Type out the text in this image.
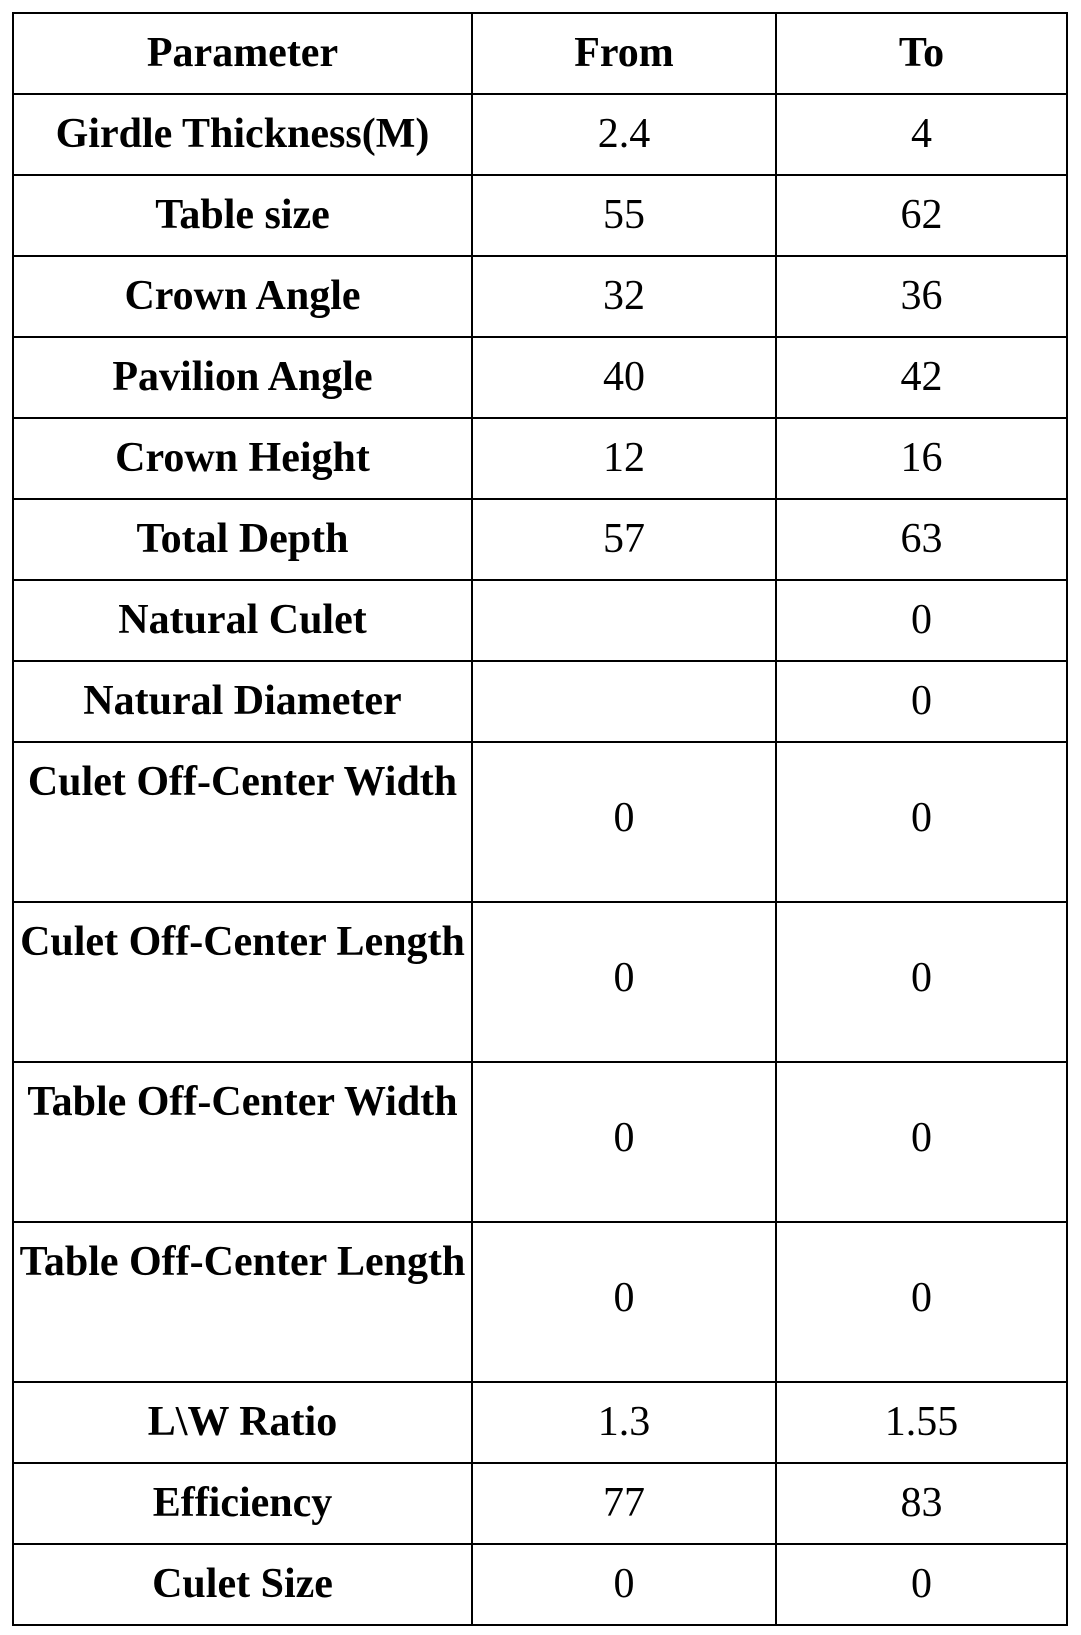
Parameter	From	To
Girdle Thickness(M)	2.4	4
Table size	55	62
Crown Angle	32	36
Pavilion Angle	40	42
Crown Height	12	16
Total Depth	57	63
Natural Culet		0
Natural Diameter		0
Culet Off-Center Width	0	0
Culet Off-Center Length	0	0
Table Off-Center Width	0	0
Table Off-Center Length	0	0
L\W Ratio	1.3	1.55
Efficiency	77	83
Culet Size	0	0
